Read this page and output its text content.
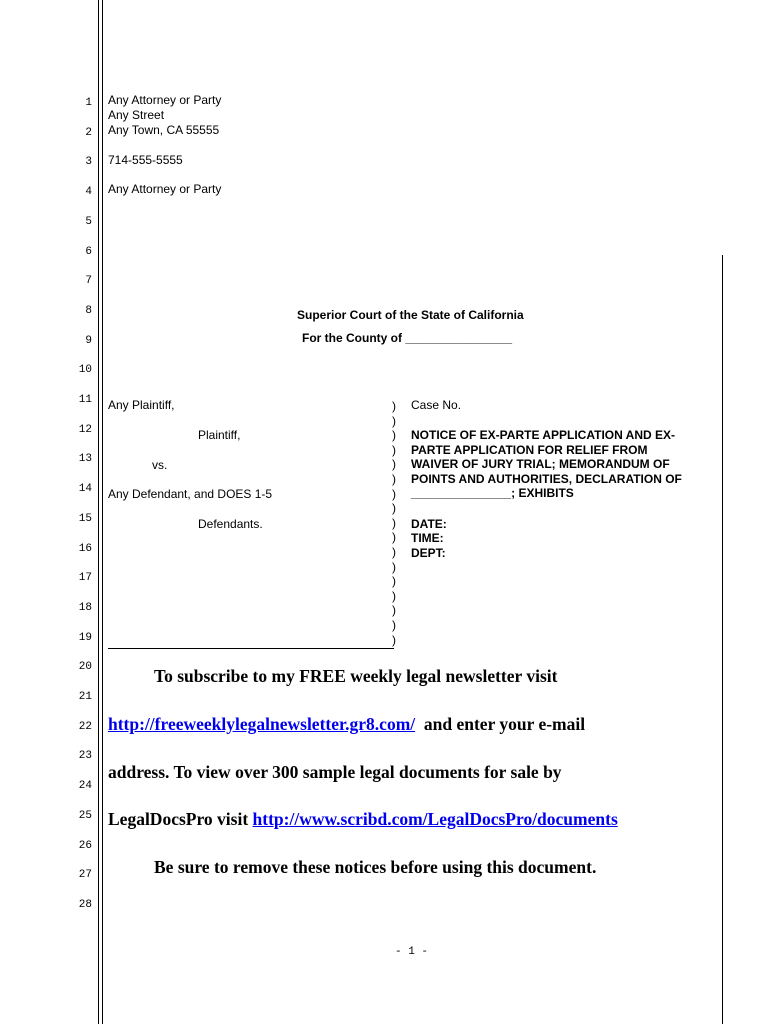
1
2
3
4
5
6
7
8
9
10
11
12
13
14
15
16
17
18
19
20
21
22
23
24
25
26
27
28
Any Attorney or Party
Any Street
Any Town, CA 55555
714-555-5555
Any Attorney or Party
Superior Court of the State of California
For the County of ________________
Any Plaintiff,
Plaintiff,
vs.
Any Defendant, and DOES 1-5
Defendants.
)
)
)
)
)
)
)
)
)
)
)
)
)
)
)
)
)
Case No.
NOTICE OF EX-PARTE APPLICATION AND EX-
PARTE APPLICATION FOR RELIEF FROM
WAIVER OF JURY TRIAL; MEMORANDUM OF
POINTS AND AUTHORITIES, DECLARATION OF
_______________; EXHIBITS
DATE:
TIME:
DEPT:
To subscribe to my FREE weekly legal newsletter visit
http://freeweeklylegalnewsletter.gr8.com/ and enter your e-mail
address. To view over 300 sample legal documents for sale by
LegalDocsPro visit http://www.scribd.com/LegalDocsPro/documents
Be sure to remove these notices before using this document.
- 1 -
